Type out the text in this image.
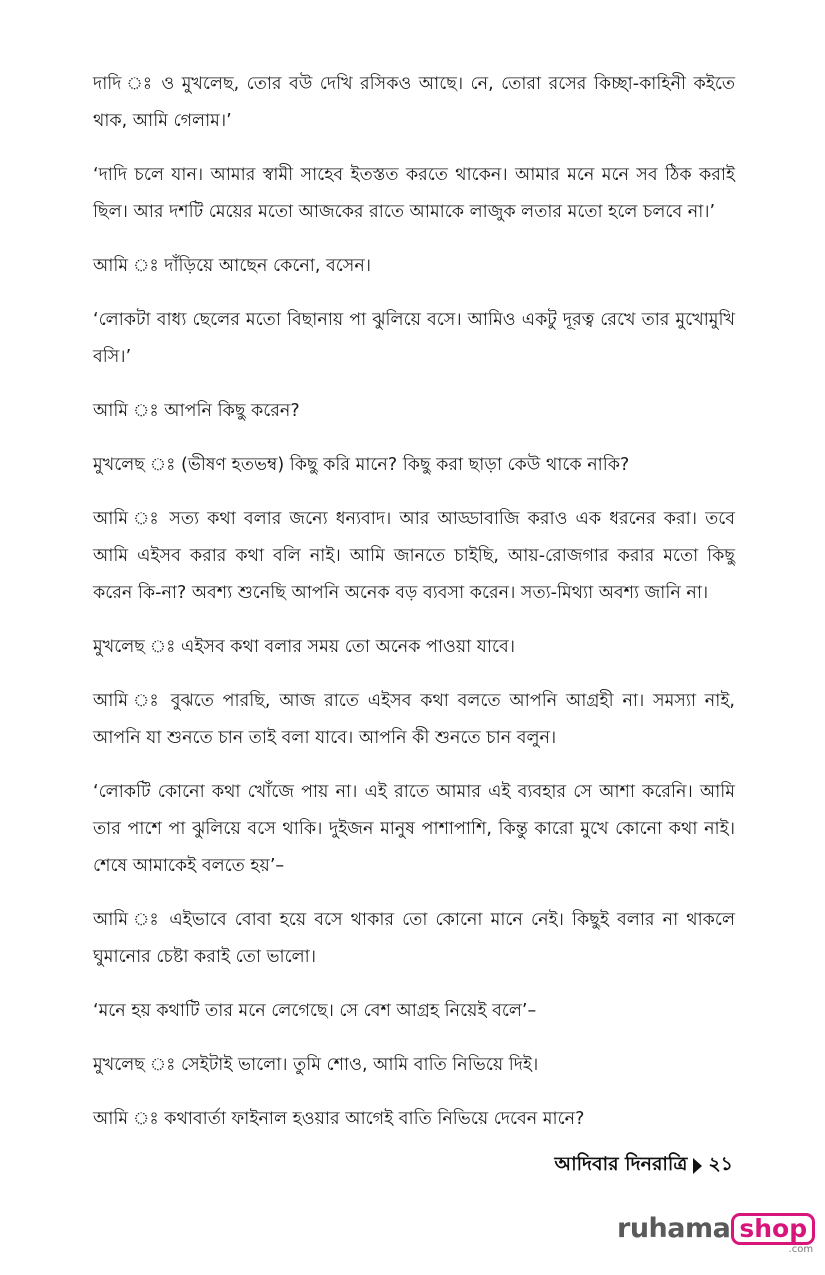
দাদি ঃ ও মুখলেছ, তোর বউ দেখি রসিকও আছে। নে, তোরা রসের কিচ্ছা-কাহিনী কইতে থাক, আমি গেলাম।’

‘দাদি চলে যান। আমার স্বামী সাহেব ইতস্তত করতে থাকেন। আমার মনে মনে সব ঠিক করাই ছিল। আর দশটি মেয়ের মতো আজকের রাতে আমাকে লাজুক লতার মতো হলে চলবে না।’

আমি ঃ দাঁড়িয়ে আছেন কেনো, বসেন।

‘লোকটা বাধ্য ছেলের মতো বিছানায় পা ঝুলিয়ে বসে। আমিও একটু দূরত্ব রেখে তার মুখোমুখি বসি।’

আমি ঃ আপনি কিছু করেন?

মুখলেছ ঃ (ভীষণ হতভম্ব) কিছু করি মানে? কিছু করা ছাড়া কেউ থাকে নাকি?

আমি ঃ সত্য কথা বলার জন্যে ধন্যবাদ। আর আড্ডাবাজি করাও এক ধরনের করা। তবে আমি এইসব করার কথা বলি নাই। আমি জানতে চাইছি, আয়-রোজগার করার মতো কিছু করেন কি-না? অবশ্য শুনেছি আপনি অনেক বড় ব্যবসা করেন। সত্য-মিথ্যা অবশ্য জানি না।

মুখলেছ ঃ এইসব কথা বলার সময় তো অনেক পাওয়া যাবে।

আমি ঃ বুঝতে পারছি, আজ রাতে এইসব কথা বলতে আপনি আগ্রহী না। সমস্যা নাই, আপনি যা শুনতে চান তাই বলা যাবে। আপনি কী শুনতে চান বলুন।

‘লোকটি কোনো কথা খোঁজে পায় না। এই রাতে আমার এই ব্যবহার সে আশা করেনি। আমি তার পাশে পা ঝুলিয়ে বসে থাকি। দুইজন মানুষ পাশাপাশি, কিন্তু কারো মুখে কোনো কথা নাই। শেষে আমাকেই বলতে হয়’–

আমি ঃ এইভাবে বোবা হয়ে বসে থাকার তো কোনো মানে নেই। কিছুই বলার না থাকলে ঘুমানোর চেষ্টা করাই তো ভালো।

‘মনে হয় কথাটি তার মনে লেগেছে। সে বেশ আগ্রহ নিয়েই বলে’–

মুখলেছ ঃ সেইটাই ভালো। তুমি শোও, আমি বাতি নিভিয়ে দিই।

আমি ঃ কথাবার্তা ফাইনাল হওয়ার আগেই বাতি নিভিয়ে দেবেন মানে?

আদিবার দিনরাত্রি ২১
ruhama shop
.com
